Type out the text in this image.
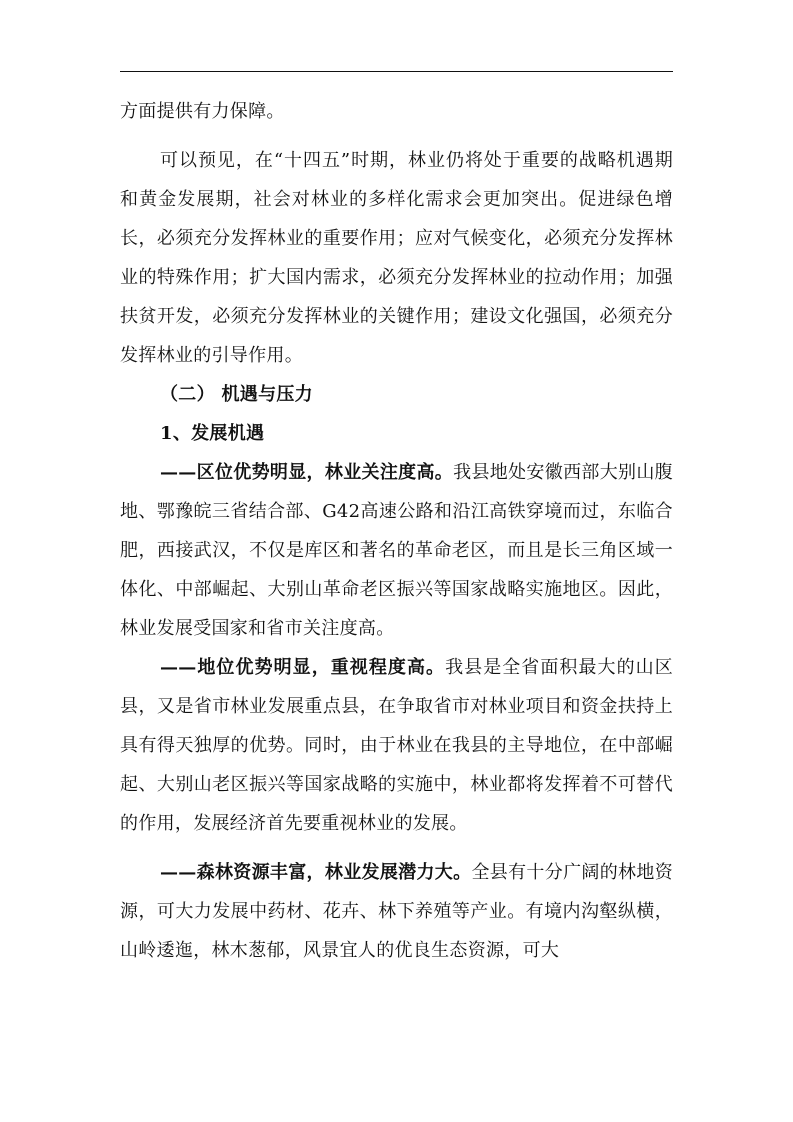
方面提供有力保障。

可以预见，在“十四五”时期，林业仍将处于重要的战略机遇期和黄金发展期，社会对林业的多样化需求会更加突出。促进绿色增长，必须充分发挥林业的重要作用；应对气候变化，必须充分发挥林业的特殊作用；扩大国内需求，必须充分发挥林业的拉动作用；加强扶贫开发，必须充分发挥林业的关键作用；建设文化强国，必须充分发挥林业的引导作用。

（二） 机遇与压力

1、发展机遇

——区位优势明显，林业关注度高。我县地处安徽西部大别山腹地、鄂豫皖三省结合部、G42高速公路和沿江高铁穿境而过，东临合肥，西接武汉，不仅是库区和著名的革命老区，而且是长三角区域一体化、中部崛起、大别山革命老区振兴等国家战略实施地区。因此，林业发展受国家和省市关注度高。

——地位优势明显，重视程度高。我县是全省面积最大的山区县，又是省市林业发展重点县，在争取省市对林业项目和资金扶持上具有得天独厚的优势。同时，由于林业在我县的主导地位，在中部崛起、大别山老区振兴等国家战略的实施中，林业都将发挥着不可替代的作用，发展经济首先要重视林业的发展。

——森林资源丰富，林业发展潜力大。全县有十分广阔的林地资源，可大力发展中药材、花卉、林下养殖等产业。有境内沟壑纵横，山岭逶迤，林木葱郁，风景宜人的优良生态资源，可大
